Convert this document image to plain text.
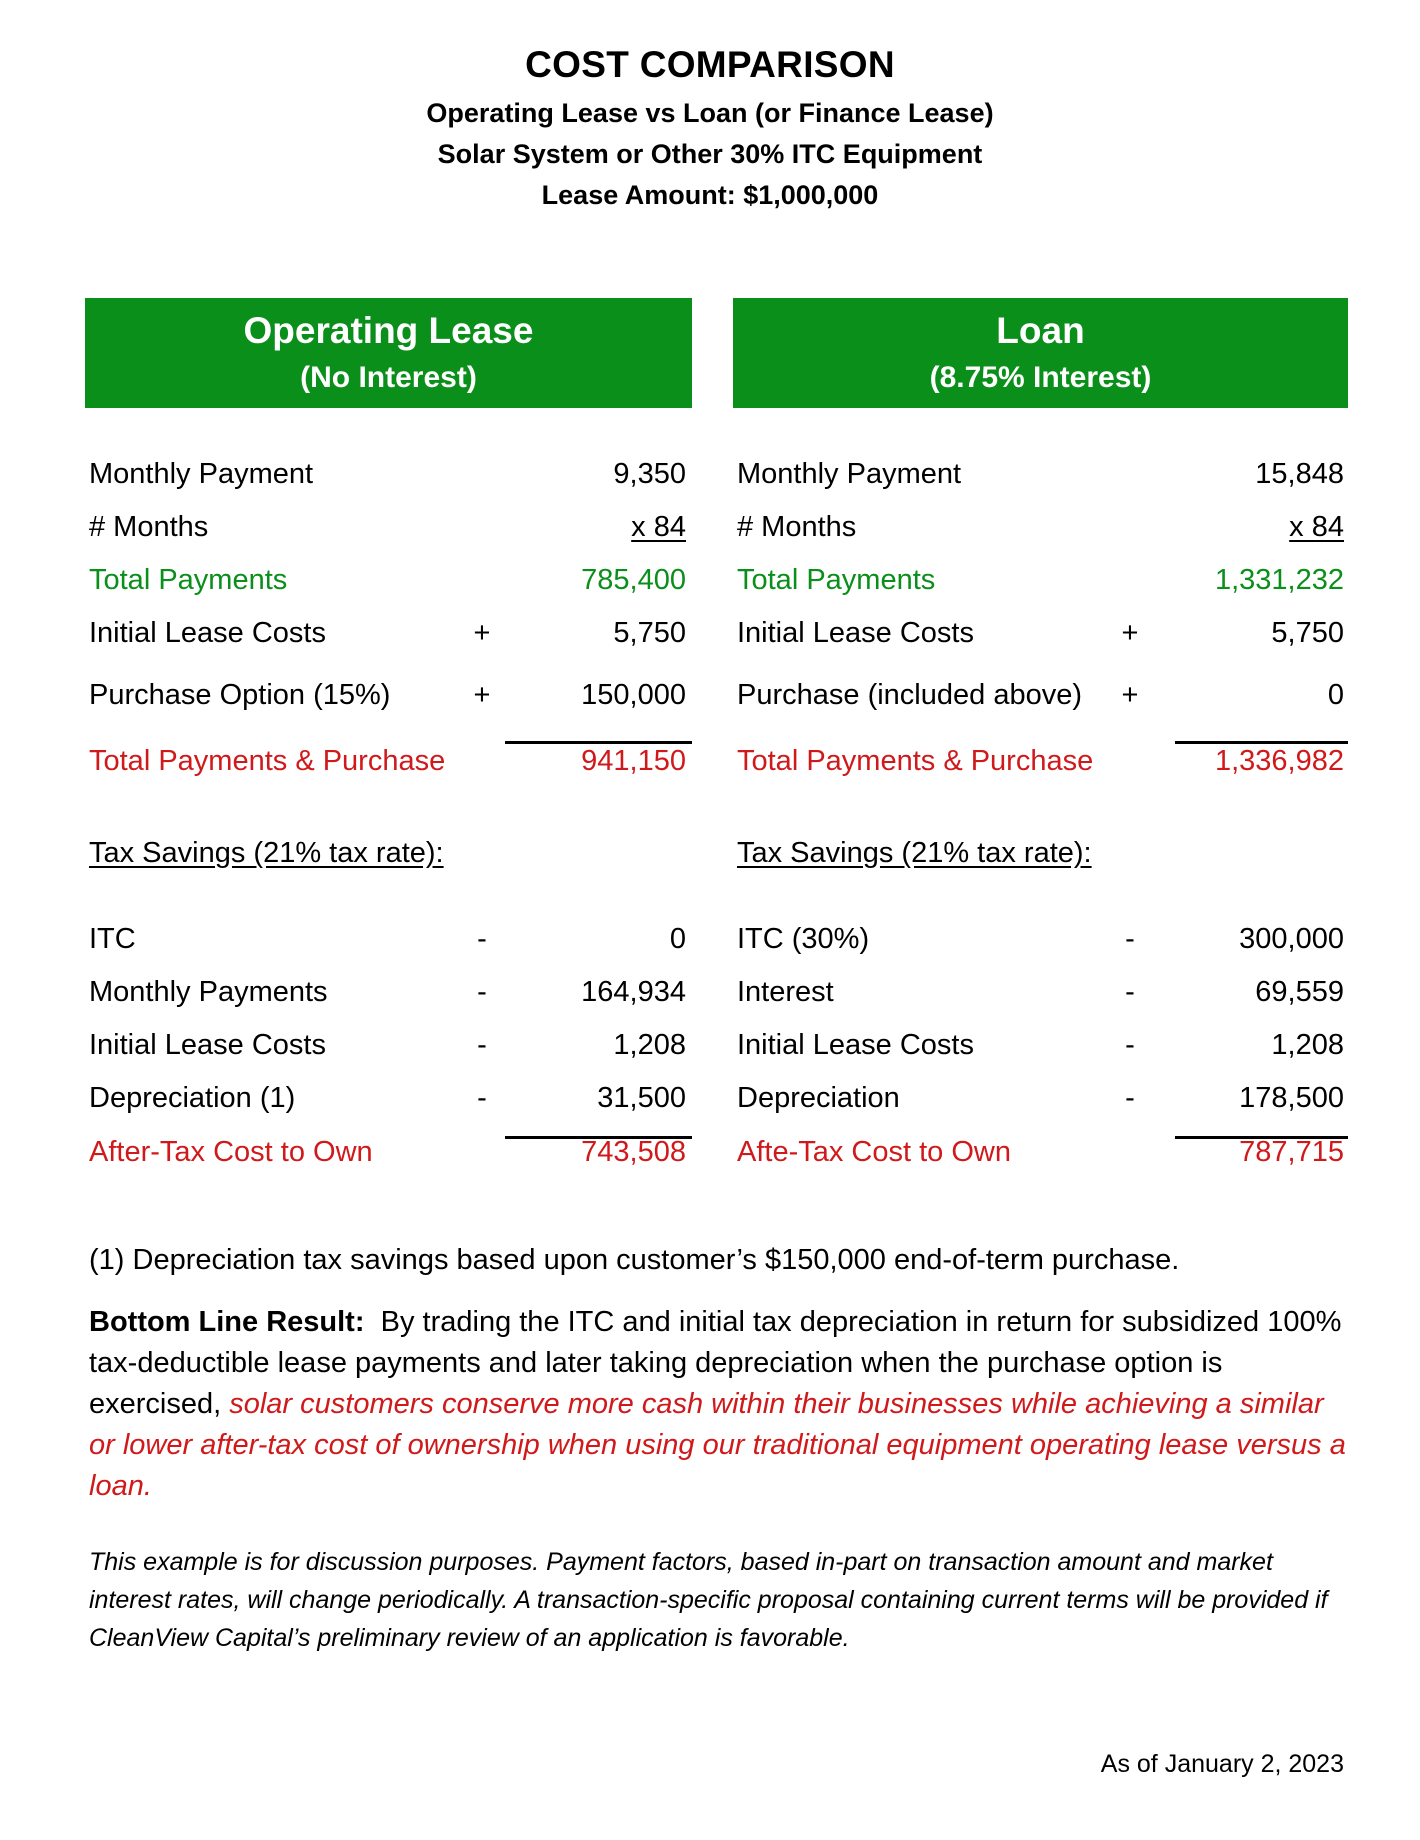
COST COMPARISON
Operating Lease vs Loan (or Finance Lease)
Solar System or Other 30% ITC Equipment
Lease Amount: $1,000,000
Operating Lease
(No Interest)
Loan
(8.75% Interest)
Monthly Payment	9,350
# Months	x 84
Total Payments	785,400
Initial Lease Costs	+	5,750
Purchase Option (15%)	+	150,000
Total Payments & Purchase	941,150
Monthly Payment	15,848
# Months	x 84
Total Payments	1,331,232
Initial Lease Costs	+	5,750
Purchase (included above) +	0
Total Payments & Purchase	1,336,982
Tax Savings (21% tax rate):	Tax Savings (21% tax rate):
ITC	-	0
Monthly Payments	-	164,934
Initial Lease Costs	-	1,208
Depreciation (1)	-	31,500
After-Tax Cost to Own	743,508
ITC (30%)	-	300,000
Interest	-	69,559
Initial Lease Costs	-	1,208
Depreciation	-	178,500
Afte-Tax Cost to Own	787,715
(1) Depreciation tax savings based upon customer’s $150,000 end-of-term purchase.
Bottom Line Result: By trading the ITC and initial tax depreciation in return for subsidized 100% tax-deductible lease payments and later taking depreciation when the purchase option is exercised, solar customers conserve more cash within their businesses while achieving a similar or lower after-tax cost of ownership when using our traditional equipment operating lease versus a loan.
This example is for discussion purposes. Payment factors, based in-part on transaction amount and market interest rates, will change periodically. A transaction-specific proposal containing current terms will be provided if CleanView Capital’s preliminary review of an application is favorable.
As of January 2, 2023
